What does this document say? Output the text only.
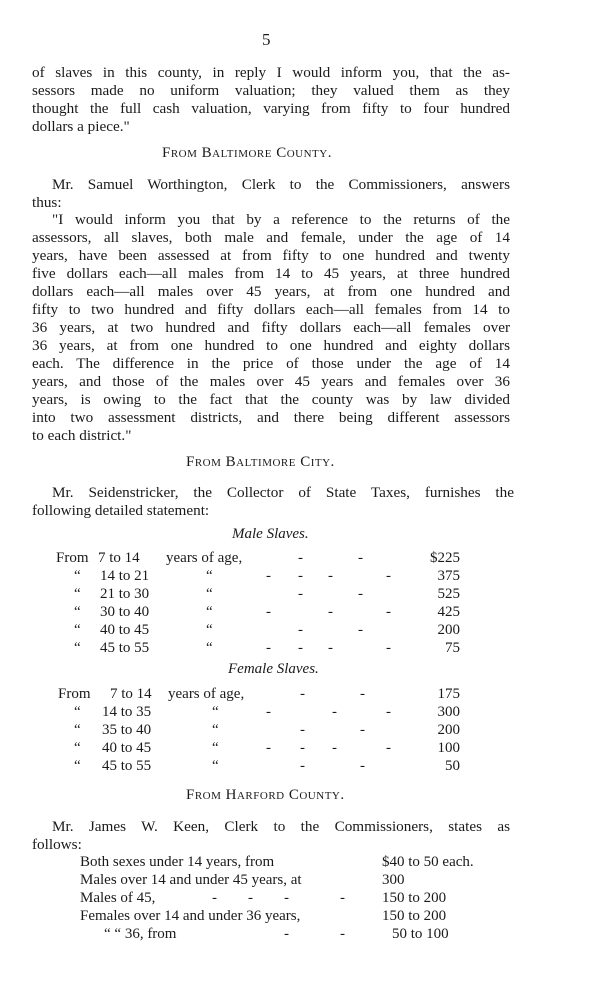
5
of slaves in this county, in reply I would inform you, that the as-
sessors made no uniform valuation; they valued them as they
thought the full cash valuation, varying from fifty to four hundred
dollars a piece."
From Baltimore County.
Mr. Samuel Worthington, Clerk to the Commissioners, answers
thus:
"I would inform you that by a reference to the returns of the
assessors, all slaves, both male and female, under the age of 14
years, have been assessed at from fifty to one hundred and twenty
five dollars each—all males from 14 to 45 years, at three hundred
dollars each—all males over 45 years, at from one hundred and
fifty to two hundred and fifty dollars each—all females from 14 to
36 years, at two hundred and fifty dollars each—all females over
36 years, at from one hundred to one hundred and eighty dollars
each. The difference in the price of those under the age of 14
years, and those of the males over 45 years and females over 36
years, is owing to the fact that the county was by law divided
into two assessment districts, and there being different assessors
to each district."
From Baltimore City.
Mr. Seidenstricker, the Collector of State Taxes, furnishes the
following detailed statement:
Male Slaves.
From 7 to 14 years of age,	-	-	$225
“ 14 to 21	“	- - -	-	375
“ 21 to 30	“	-	-	525
“ 30 to 40	“	-	-	-	425
“ 40 to 45	“	-	-	200
“ 45 to 55	“	- - -	-	75
Female Slaves.
From 7 to 14 years of age,	-	-	175
“ 14 to 35	“	-	-	-	300
“ 35 to 40	“	-	-	200
“ 40 to 45	“	- - -	-	100
“ 45 to 55	“	-	-	50
From Harford County.
Mr. James W. Keen, Clerk to the Commissioners, states as
follows:
Both sexes under 14 years, from	$40 to 50 each.
Males over 14 and under 45 years, at	300
Males of 45,	- - -	- 150 to 200
Females over 14 and under 36 years,	150 to 200
“ “ 36, from	-	-	50 to 100
